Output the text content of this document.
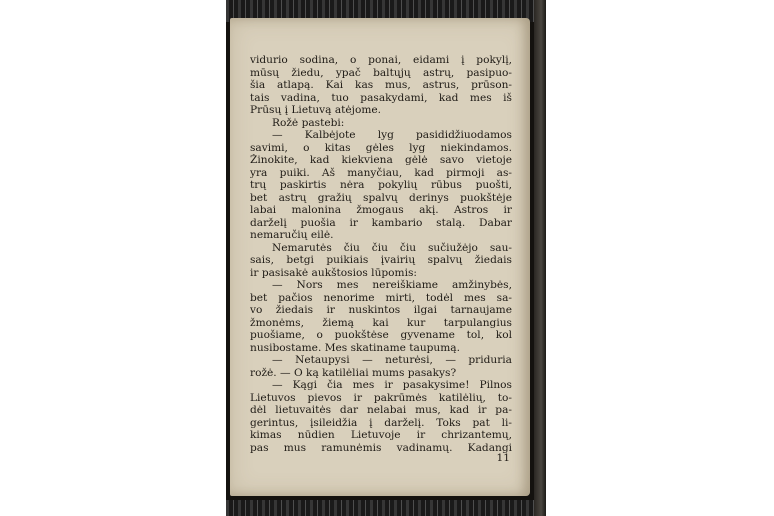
vidurio sodina, o ponai, eidami į pokylį,
mūsų žiedu, ypač baltųjų astrų, pasipuo-
šia atlapą. Kai kas mus, astrus, prūson-
tais vadina, tuo pasakydami, kad mes iš
Prūsų į Lietuvą atėjome.
Rožė pastebi:
— Kalbėjote lyg pasididžiuodamos
savimi, o kitas gėles lyg niekindamos.
Žinokite, kad kiekviena gėlė savo vietoje
yra puiki. Aš manyčiau, kad pirmoji as-
trų paskirtis nėra pokylių rūbus puošti,
bet astrų gražių spalvų derinys puokštėje
labai malonina žmogaus akį. Astros ir
darželį puošia ir kambario stalą. Dabar
nemaručių eilė.
Nemarutės čiu čiu čiu sučiužėjo sau-
sais, betgi puikiais įvairių spalvų žiedais
ir pasisakė aukštosios lūpomis:
— Nors mes nereiškiame amžinybės,
bet pačios nenorime mirti, todėl mes sa-
vo žiedais ir nuskintos ilgai tarnaujame
žmonėms, žiemą kai kur tarpulangius
puošiame, o puokštėse gyvename tol, kol
nusibostame. Mes skatiname taupumą.
— Netaupysi — neturėsi, — priduria
rožė. — O ką katilėliai mums pasakys?
— Kągi čia mes ir pasakysime! Pilnos
Lietuvos pievos ir pakrūmės katilėlių, to-
dėl lietuvaitės dar nelabai mus, kad ir pa-
gerintus, įsileidžia į darželį. Toks pat li-
kimas nūdien Lietuvoje ir chrizantemų,
pas mus ramunėmis vadinamų. Kadangi
11
